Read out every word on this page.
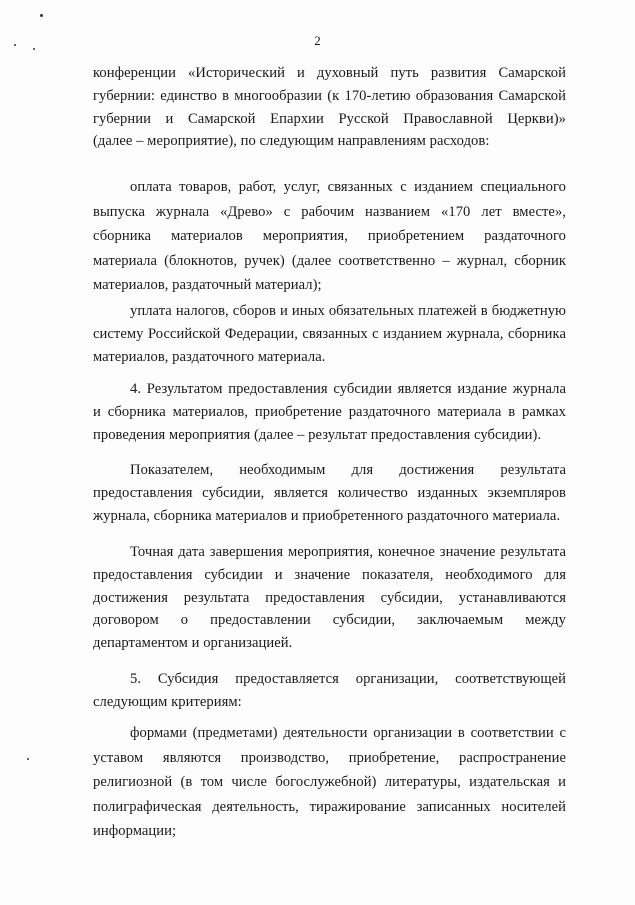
2
конференции «Исторический и духовный путь развития Самарской
губернии: единство в многообразии (к 170-летию образования Самарской
губернии и Самарской Епархии Русской Православной Церкви)»
(далее – мероприятие), по следующим направлениям расходов:
оплата товаров, работ, услуг, связанных с изданием специального
выпуска журнала «Древо» с рабочим названием «170 лет вместе»,
сборника материалов мероприятия, приобретением раздаточного
материала (блокнотов, ручек) (далее соответственно – журнал, сборник
материалов, раздаточный материал);
уплата налогов, сборов и иных обязательных платежей в бюджетную
систему Российской Федерации, связанных с изданием журнала, сборника
материалов, раздаточного материала.
4. Результатом предоставления субсидии является издание журнала
и сборника материалов, приобретение раздаточного материала в рамках
проведения мероприятия (далее – результат предоставления субсидии).
Показателем, необходимым для достижения результата
предоставления субсидии, является количество изданных экземпляров
журнала, сборника материалов и приобретенного раздаточного материала.
Точная дата завершения мероприятия, конечное значение результата
предоставления субсидии и значение показателя, необходимого для
достижения результата предоставления субсидии, устанавливаются
договором о предоставлении субсидии, заключаемым между
департаментом и организацией.
5. Субсидия предоставляется организации, соответствующей
следующим критериям:
формами (предметами) деятельности организации в соответствии с
уставом являются производство, приобретение, распространение
религиозной (в том числе богослужебной) литературы, издательская и
полиграфическая деятельность, тиражирование записанных носителей
информации;
